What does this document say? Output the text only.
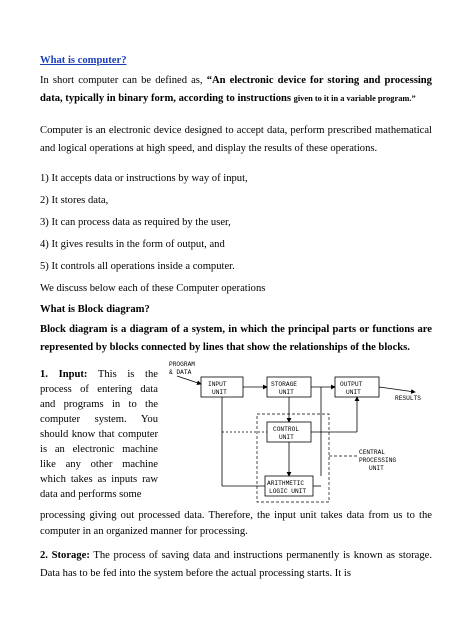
What is computer?
In short computer can be defined as, “An electronic device for storing and processing data, typically in binary form, according to instructions given to it in a variable program.”
Computer is an electronic device designed to accept data, perform prescribed mathematical and logical operations at high speed, and display the results of these operations.
1) It accepts data or instructions by way of input,
2) It stores data,
3) It can process data as required by the user,
4) It gives results in the form of output, and
5) It controls all operations inside a computer.
We discuss below each of these Computer operations
What is Block diagram?
Block diagram is a diagram of a system, in which the principal parts or functions are represented by blocks connected by lines that show the relationships of the blocks.
1. Input: This is the process of entering data and programs in to the computer system. You should know that computer is an electronic machine like any other machine which takes as inputs raw data and performs some
processing giving out processed data. Therefore, the input unit takes data from us to the computer in an organized manner for processing.
PROGRAM
& DATA
INPUT
UNIT
STORAGE
UNIT
OUTPUT
UNIT
RESULTS
CONTROL
UNIT
ARITHMETIC
LOGIC UNIT
CENTRAL
PROCESSING
UNIT
2. Storage: The process of saving data and instructions permanently is known as storage. Data has to be fed into the system before the actual processing starts. It is
